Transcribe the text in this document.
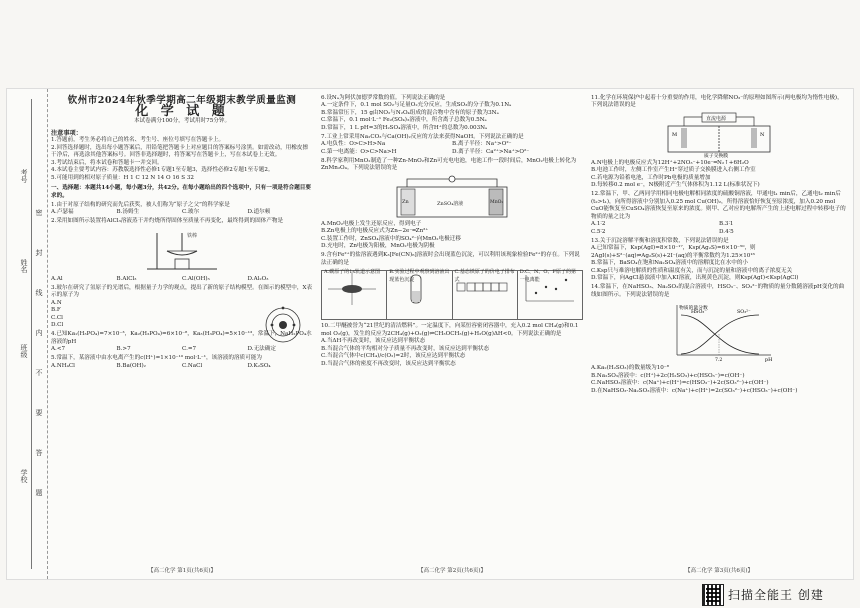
考号
姓名
班级
学校
密
封
线
内
不
要
答
题
钦州市2024年秋季学期高二年级期末教学质量监测
化 学 试 题
本试卷满分100分，考试用时75分钟。
注意事项：
1.答题前，考生务必将自己的姓名、考生号、座位号填写在答题卡上。
2.回答选择题时，选出每小题答案后，用铅笔把答题卡上对应题目的答案标号涂黑。如需改动，用橡皮擦干净后，再选涂其他答案标号。回答非选择题时，将答案写在答题卡上，写在本试卷上无效。
3.考试结束后，将本试卷和答题卡一并交回。
4.本试卷主要考试内容：苏教版选择性必修1专题1至专题3，选择性必修2专题1至专题2。
5.可能用到的相对原子质量：H 1 C 12 N 14 O 16 S 32
一、选择题：本题共14小题，每小题3分，共42分。在每小题给出的四个选项中，只有一项是符合题目要求的。
1.由于对原子结构的研究而先后获奖，被人们称为“原子之父”的科学家是
A.卢瑟福	B.汤姆生	C.玻尔	D.道尔顿
2.采用如图所示装置将AlCl₃溶液蒸干并灼烧所得固体至质量不再变化，最终得到的固体产物是
铁棒
A.Al	B.AlCl₃	C.Al(OH)₃	D.Al₂O₃
3.玻尔在研究了氢原子的光谱后，根据量子力学的观点，提出了新的原子结构模型。在图示的模型中，X表示的原子为
A.N
B.F
C.Cl
D.Cl
4.已知Ka₁(H₃PO₄)=7×10⁻³，Ka₂(H₃PO₄)=6×10⁻⁸，Ka₃(H₃PO₄)=5×10⁻¹³，常温下，NaH₂PO₄水溶液的pH
A.<7	B.>7	C.=7	D.无法确定
5.常温下，某溶液中由水电离产生的c(H⁺)=1×10⁻¹⁰ mol·L⁻¹，该溶液的溶质可能为
A.NH₄Cl	B.Ba(OH)₂	C.NaCl	D.K₂SO₄
【高二化学 第1页(共6页)】
6.设Nₐ为阿伏加德罗常数的值。下列说法正确的是
A.一定条件下，0.1 mol SO₂与足量O₂充分反应，生成SO₃的分子数为0.1Nₐ
B.常温常压下，15 g由NO₂与N₂O₄组成的混合物中含有的原子数为3Nₐ
C.常温下，0.1 mol·L⁻¹ Fe₂(SO₄)₃溶液中，所含离子总数为0.5Nₐ
D.常温下，1 L pH=3的H₂SO₄溶液中，所含H⁺的总数为0.003Nₐ
7.工业上常采用Na₂CO₃与Ca(OH)₂反应的方法来获得NaOH。下列说法正确的是
A.电负性：O>C>H>Na	B.离子半径：Na⁺>O²⁻
C.第一电离能：O>C>Na>H	D.离子半径：Ca²⁺>Na⁺>O²⁻
8.科学家利用MnO₂制造了一种Zn-MnO₂和Zn可充电电池，电池工作一段时间后，MnO₂电极上转化为ZnMn₂O₄。下列说法错误的是
Zn	ZnSO₄溶液	MnO₂
A.MnO₂电极上发生还原反应，得到电子
B.Zn电极上的电极反应式为Zn−2e⁻═Zn²⁺
C.装置工作时，ZnSO₄溶液中的SO₄²⁻向MnO₂电极迁移
D.充电时，Zn电极为阳极，MnO₂电极为阴极
9.含有Fe²⁺的盐溶液遇到K₃[Fe(CN)₆]溶液时会出现蓝色沉淀，可以利用该现象检验Fe²⁺的存在。下列说法正确的是
A.碳原子的1s轨道示意图	B.实验过程中观察到溶液出现蓝色沉淀
C.基态铁原子的价电子排布式
D.C、N、O、F原子的第一电离能
10.二甲醚被誉为“21世纪的清洁燃料”。一定温度下，向某恒容密闭容器中，充入0.2 mol CH₄(g)和0.1 mol O₂(g)，发生的反应为2CH₄(g)+O₂(g)⇌CH₃OCH₃(g)+H₂O(g)ΔH<0。下列说法正确的是
A.当ΔH不再改变时，该反应达到平衡状态
B.当混合气体的平均相对分子质量不再改变时，该反应达到平衡状态
C.当混合气体中c(CH₄)/c(O₂)=2时，该反应达到平衡状态
D.当混合气体的密度不再改变时，该反应达到平衡状态
【高二化学 第2页(共6页)】
11.化学在环境保护中起着十分重要的作用，电化学降解NO₃⁻的原理如图所示(两电极均为惰性电极)，下列说法错误的是
直流电源
M	N
质子交换膜
A.N电极上的电极反应式为12H⁺+2NO₃⁻+10e⁻═N₂↑+6H₂O
B.电池工作时，左侧工作室产生H⁺穿过质子交换膜进入右侧工作室
C.若电源为铅蓄电池，工作时Pb电极的质量增加
D.每转移0.2 mol e⁻，N极附近产生气体体积为1.12 L(标准状况下)
12.常温下，甲、乙两同学用相同电极电解相同浓度的硫酸铜溶液，甲通电t₁ min后，乙通电t₂ min后(t₂>t₁)，向所得溶液中分别加入0.25 mol Cu(OH)₂，所得溶液恰好恢复至原浓度，加入0.20 mol CuO能恢复至CuSO₄溶液恢复至原来的浓度。则甲、乙对应的电解所产生的上述电解过程中转移电子的物质的量之比为
A.1∶2	B.3∶1
C.5∶2	D.4∶5
13.关于沉淀溶解平衡和溶度积常数，下列说法错误的是
A.已知常温下，Ksp(AgI)=8×10⁻¹⁷，Ksp(Ag₂S)=6×10⁻⁵⁰，则2AgI(s)+S²⁻(aq)⇌Ag₂S(s)+2I⁻(aq)的平衡常数约为1.25×10¹⁶
B.常温下，BaSO₄在饱和Na₂SO₄溶液中的溶解度比在水中的小
C.Ksp只与难溶电解质的性质和温度有关，而与沉淀的量和溶液中的离子浓度无关
D.常温下，向AgCl悬浊液中加入KI溶液，出现黄色沉淀，则Ksp(AgI)<Ksp(AgCl)
14.常温下，在NaHSO₃、Na₂SO₃的混合溶液中，HSO₃⁻、SO₃²⁻的物质的量分数随溶液pH变化的曲线如图所示。下列说法错误的是
物质的量分数
pH
HSO₃⁻	SO₃²⁻
7.2
A.Ka₂(H₂SO₃)的数量级为10⁻⁸
B.Na₂SO₃溶液中：c(H⁺)+2c(H₂SO₃)+c(HSO₃⁻)=c(OH⁻)
C.NaHSO₃溶液中：c(Na⁺)+c(H⁺)=c(HSO₃⁻)+2c(SO₃²⁻)+c(OH⁻)
D.在NaHSO₃-Na₂SO₃溶液中：c(Na⁺)+c(H⁺)=2c(SO₃²⁻)+c(HSO₃⁻)+c(OH⁻)
【高二化学 第3页(共6页)】
扫描全能王 创建
